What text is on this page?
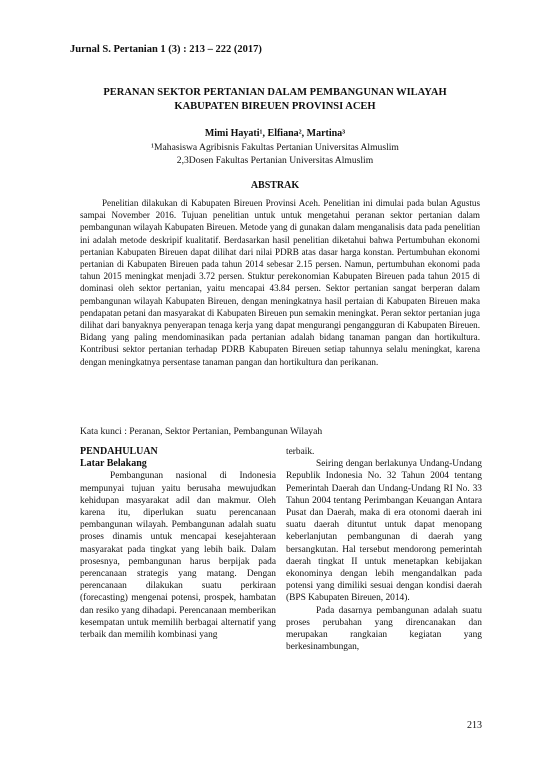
Jurnal S. Pertanian 1 (3) : 213 – 222 (2017)
PERANAN SEKTOR PERTANIAN DALAM PEMBANGUNAN WILAYAH
KABUPATEN BIREUEN PROVINSI ACEH
Mimi Hayati¹, Elfiana², Martina³
¹Mahasiswa Agribisnis Fakultas Pertanian Universitas Almuslim
2,3Dosen Fakultas Pertanian Universitas Almuslim
ABSTRAK

Penelitian dilakukan di Kabupaten Bireuen Provinsi Aceh. Penelitian ini dimulai pada bulan Agustus sampai November 2016. Tujuan penelitian untuk untuk mengetahui peranan sektor pertanian dalam pembangunan wilayah Kabupaten Bireuen. Metode yang di gunakan dalam menganalisis data pada penelitian ini adalah metode deskripif kualitatif. Berdasarkan hasil penelitian diketahui bahwa Pertumbuhan ekonomi pertanian Kabupaten Bireuen dapat dilihat dari nilai PDRB atas dasar harga konstan. Pertumbuhan ekonomi pertanian di Kabupaten Bireuen pada tahun 2014 sebesar 2.15 persen. Namun, pertumbuhan ekonomi pada tahun 2015 meningkat menjadi 3.72 persen. Stuktur perekonomian Kabupaten Bireuen pada tahun 2015 di dominasi oleh sektor pertanian, yaitu mencapai 43.84 persen. Sektor pertanian sangat berperan dalam pembangunan wilayah Kabupaten Bireuen, dengan meningkatnya hasil pertaian di Kabupaten Bireuen maka pendapatan petani dan masyarakat di Kabupaten Bireuen pun semakin meningkat. Peran sektor pertanian juga dilihat dari banyaknya penyerapan tenaga kerja yang dapat mengurangi pengangguran di Kabupaten Bireuen. Bidang yang paling mendominasikan pada pertanian adalah bidang tanaman pangan dan hortikultura. Kontribusi sektor pertanian terhadap PDRB Kabupaten Bireuen setiap tahunnya selalu meningkat, karena dengan meningkatnya persentase tanaman pangan dan hortikultura dan perikanan.

Kata kunci : Peranan, Sektor Pertanian, Pembangunan Wilayah
PENDAHULUAN
Latar Belakang

Pembangunan nasional di Indonesia mempunyai tujuan yaitu berusaha mewujudkan kehidupan masyarakat adil dan makmur. Oleh karena itu, diperlukan suatu perencanaan pembangunan wilayah. Pembangunan adalah suatu proses dinamis untuk mencapai kesejahteraan masyarakat pada tingkat yang lebih baik. Dalam prosesnya, pembangunan harus berpijak pada perencanaan strategis yang matang. Dengan perencanaan dilakukan suatu perkiraan (forecasting) mengenai potensi, prospek, hambatan dan resiko yang dihadapi. Perencanaan memberikan kesempatan untuk memilih berbagai alternatif yang terbaik dan memilih kombinasi yang

terbaik.

Seiring dengan berlakunya Undang-Undang Republik Indonesia No. 32 Tahun 2004 tentang Pemerintah Daerah dan Undang-Undang RI No. 33 Tahun 2004 tentang Perimbangan Keuangan Antara Pusat dan Daerah, maka di era otonomi daerah ini suatu daerah dituntut untuk dapat menopang keberlanjutan pembangunan di daerah yang bersangkutan. Hal tersebut mendorong pemerintah daerah tingkat II untuk menetapkan kebijakan ekonominya dengan lebih mengandalkan pada potensi yang dimiliki sesuai dengan kondisi daerah (BPS Kabupaten Bireuen, 2014).

Pada dasarnya pembangunan adalah suatu proses perubahan yang direncanakan dan merupakan rangkaian kegiatan yang berkesinambungan,

213
